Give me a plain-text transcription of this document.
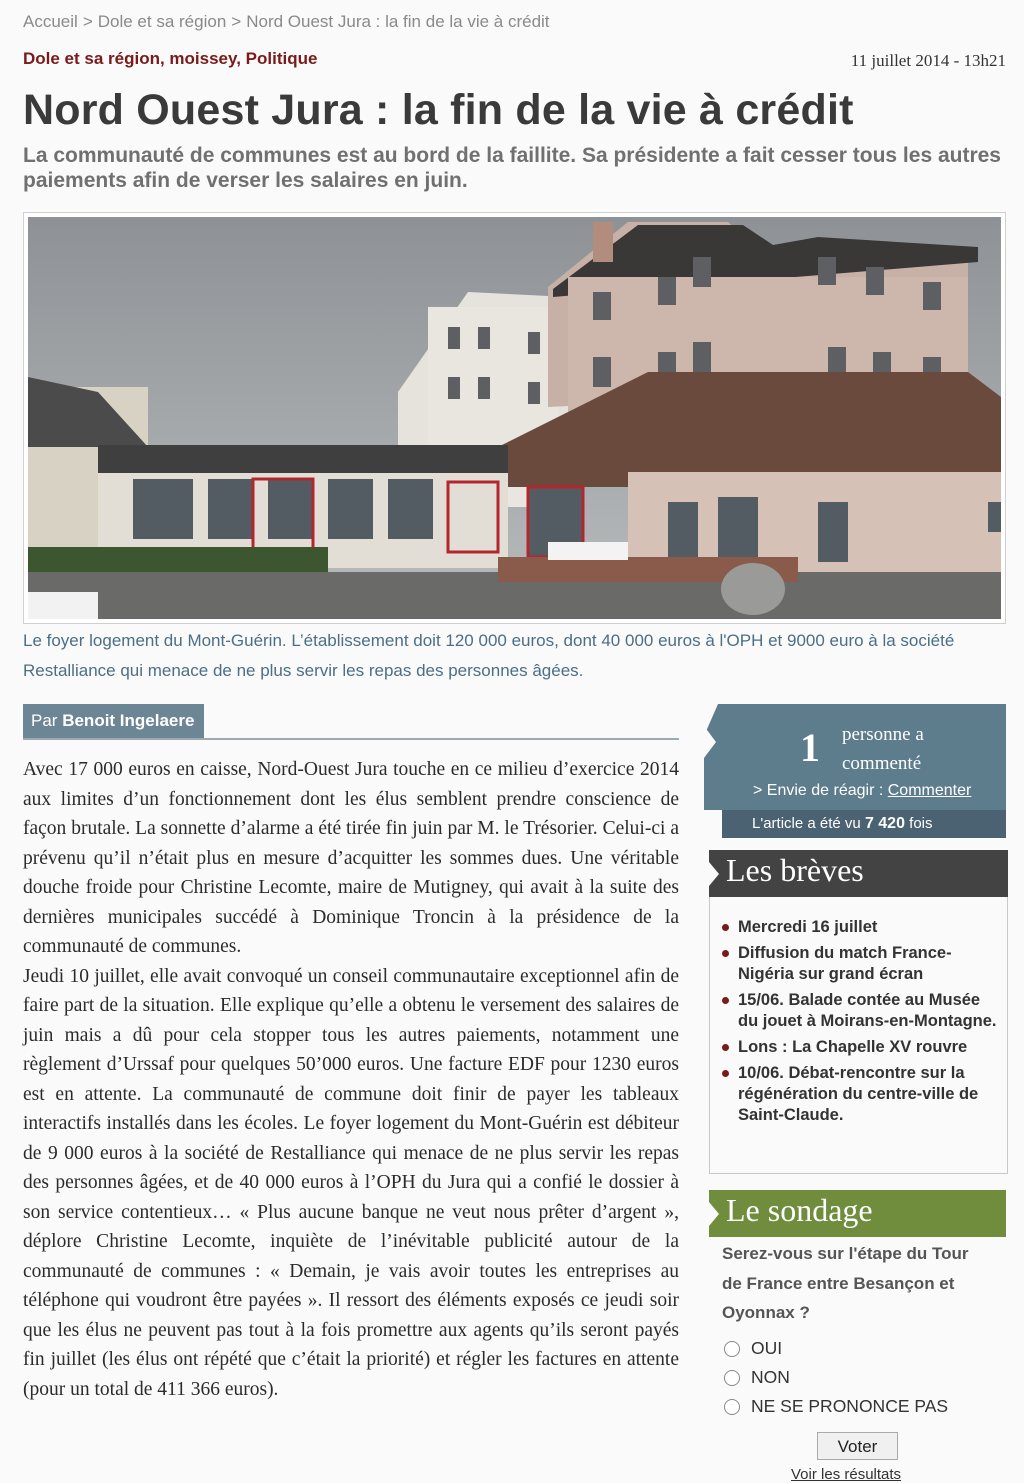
Accueil > Dole et sa région > Nord Ouest Jura : la fin de la vie à crédit
Dole et sa région, moissey, Politique	11 juillet 2014 - 13h21
Nord Ouest Jura : la fin de la vie à crédit

La communauté de communes est au bord de la faillite. Sa présidente a fait cesser tous les autres paiements afin de verser les salaires en juin.

Le foyer logement du Mont-Guérin. L’établissement doit 120 000 euros, dont 40 000 euros à l'OPH et 9000 euro à la société Restalliance qui menace de ne plus servir les repas des personnes âgées.
Par Benoit Ingelaere

Avec 17 000 euros en caisse, Nord-Ouest Jura touche en ce milieu d’exercice 2014 aux limites d’un fonctionnement dont les élus semblent prendre conscience de façon brutale. La sonnette d’alarme a été tirée fin juin par M. le Trésorier. Celui-ci a prévenu qu’il n’était plus en mesure d’acquitter les sommes dues. Une véritable douche froide pour Christine Lecomte, maire de Mutigney, qui avait à la suite des dernières municipales succédé à Dominique Troncin à la présidence de la communauté de communes.

Jeudi 10 juillet, elle avait convoqué un conseil communautaire exceptionnel afin de faire part de la situation. Elle explique qu’elle a obtenu le versement des salaires de juin mais a dû pour cela stopper tous les autres paiements, notamment une règlement d’Urssaf pour quelques 50’000 euros. Une facture EDF pour 1230 euros est en attente. La communauté de commune doit finir de payer les tableaux interactifs installés dans les écoles. Le foyer logement du Mont-Guérin est débiteur de 9 000 euros à la société de Restalliance qui menace de ne plus servir les repas des personnes âgées, et de 40 000 euros à l’OPH du Jura qui a confié le dossier à son service contentieux… « Plus aucune banque ne veut nous prêter d’argent », déplore Christine Lecomte, inquiète de l’inévitable publicité autour de la communauté de communes : « Demain, je vais avoir toutes les entreprises au téléphone qui voudront être payées ». Il ressort des éléments exposés ce jeudi soir que les élus ne peuvent pas tout à la fois promettre aux agents qu’ils seront payés fin juillet (les élus ont répété que c’était la priorité) et régler les factures en attente (pour un total de 411 366 euros).

1 personne a commenté
> Envie de réagir : Commenter
L'article a été vu 7 420 fois
Les brèves
Mercredi 16 juillet
Diffusion du match France-Nigéria sur grand écran
15/06. Balade contée au Musée du jouet à Moirans-en-Montagne.
Lons : La Chapelle XV rouvre
10/06. Débat-rencontre sur la régénération du centre-ville de Saint-Claude.
Le sondage
Serez-vous sur l'étape du Tour de France entre Besançon et Oyonnax ?
OUI
NON
NE SE PRONONCE PAS
Voter
Voir les résultats
